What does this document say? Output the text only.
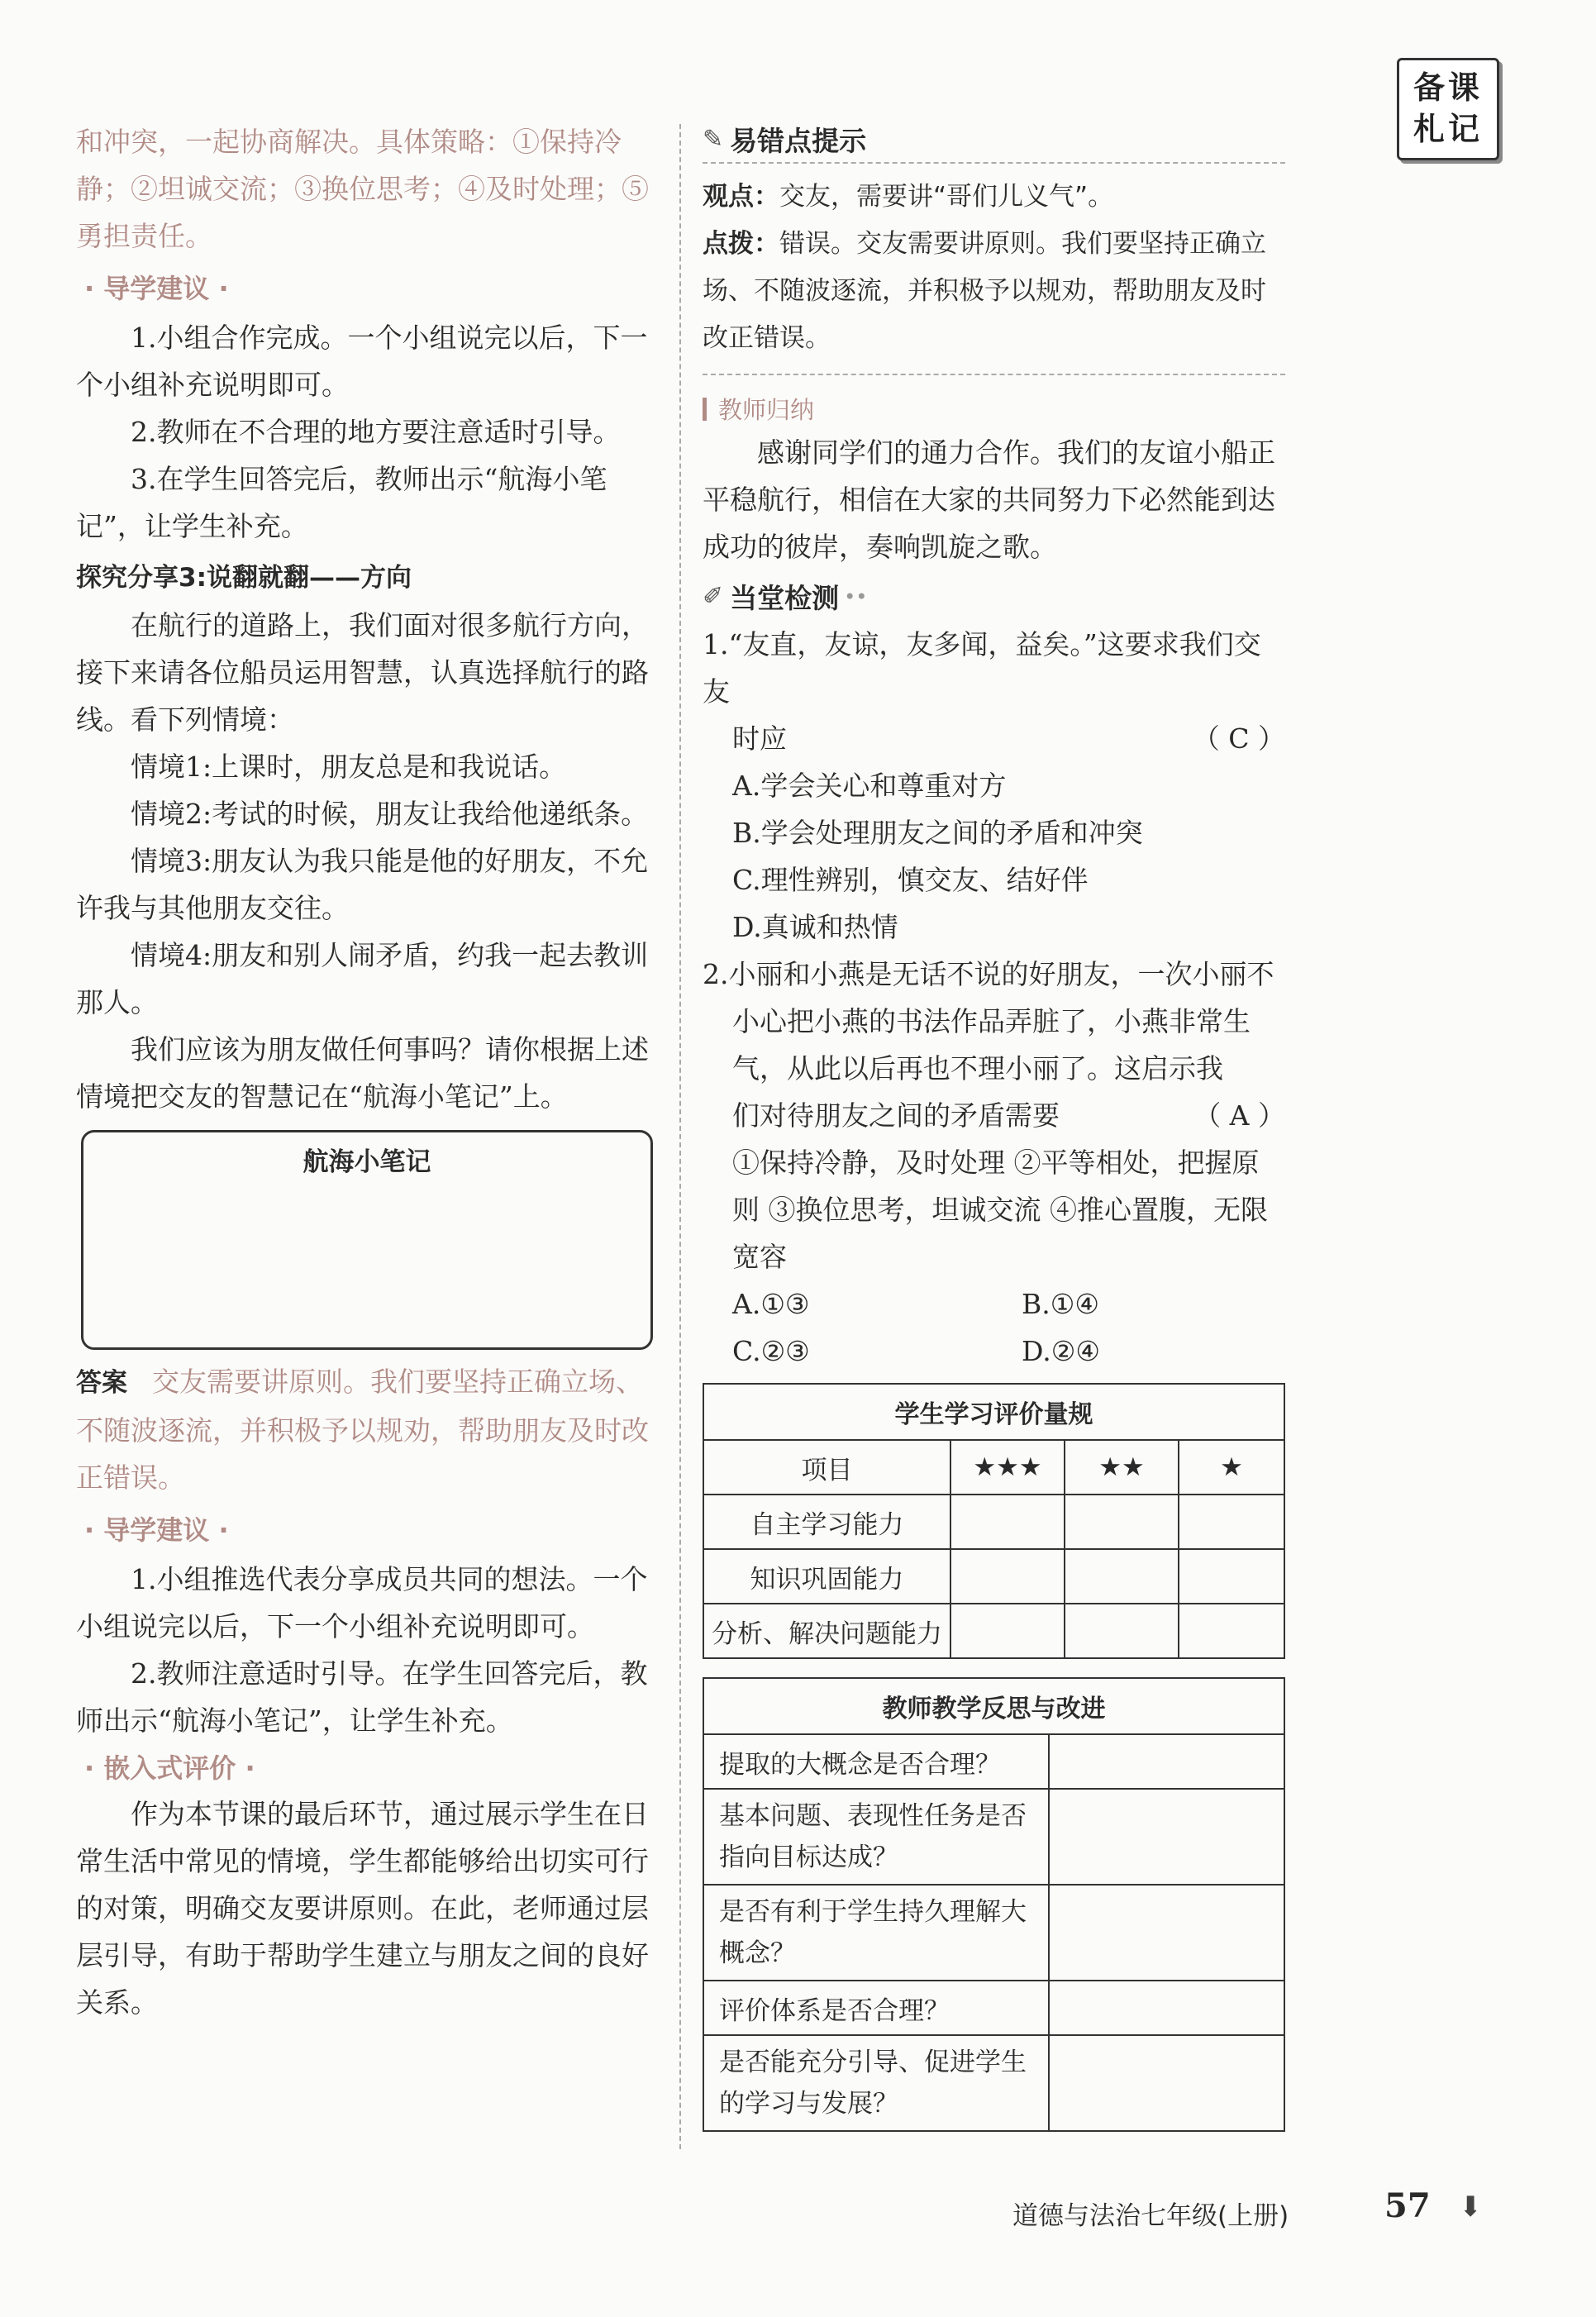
备课札记

和冲突，一起协商解决。具体策略：①保持冷静；②坦诚交流；③换位思考；④及时处理；⑤勇担责任。

· 导学建议 ·

1.小组合作完成。一个小组说完以后，下一个小组补充说明即可。

2.教师在不合理的地方要注意适时引导。

3.在学生回答完后，教师出示“航海小笔记”，让学生补充。

探究分享3:说翻就翻——方向

在航行的道路上，我们面对很多航行方向，接下来请各位船员运用智慧，认真选择航行的路线。看下列情境：

情境1:上课时，朋友总是和我说话。

情境2:考试的时候，朋友让我给他递纸条。

情境3:朋友认为我只能是他的好朋友，不允许我与其他朋友交往。

情境4:朋友和别人闹矛盾，约我一起去教训那人。

我们应该为朋友做任何事吗？请你根据上述情境把交友的智慧记在“航海小笔记”上。

航海小笔记

答案 交友需要讲原则。我们要坚持正确立场、不随波逐流，并积极予以规劝，帮助朋友及时改正错误。

· 导学建议 ·

1.小组推选代表分享成员共同的想法。一个小组说完以后，下一个小组补充说明即可。

2.教师注意适时引导。在学生回答完后，教师出示“航海小笔记”，让学生补充。

· 嵌入式评价 ·

作为本节课的最后环节，通过展示学生在日常生活中常见的情境，学生都能够给出切实可行的对策，明确交友要讲原则。在此，老师通过层层引导，有助于帮助学生建立与朋友之间的良好关系。

✎ 易错点提示

观点：交友，需要讲“哥们儿义气”。

点拨：错误。交友需要讲原则。我们要坚持正确立场、不随波逐流，并积极予以规劝，帮助朋友及时改正错误。

教师归纳

感谢同学们的通力合作。我们的友谊小船正平稳航行，相信在大家的共同努力下必然能到达成功的彼岸，奏响凯旋之歌。

✐ 当堂检测 ••

1.“友直，友谅，友多闻，益矣。”这要求我们交友

时应	（ C ）

A.学会关心和尊重对方

B.学会处理朋友之间的矛盾和冲突

C.理性辨别，慎交友、结好伴

D.真诚和热情

2.小丽和小燕是无话不说的好朋友，一次小丽不小心把小燕的书法作品弄脏了，小燕非常生气，从此以后再也不理小丽了。这启示我

们对待朋友之间的矛盾需要	（ A ）

①保持冷静，及时处理 ②平等相处，把握原则 ③换位思考，坦诚交流 ④推心置腹，无限宽容

A.①③	B.①④
C.②③	D.②④
学生学习评价量规			
项目	★★★	★★	★
自主学习能力			
知识巩固能力			
分析、解决问题能力			
教师教学反思与改进	
提取的大概念是否合理？	
基本问题、表现性任务是否指向目标达成？	
是否有利于学生持久理解大概念？	
评价体系是否合理？	
是否能充分引导、促进学生的学习与发展？	
道德与法治七年级(上册)	57 ⬇
